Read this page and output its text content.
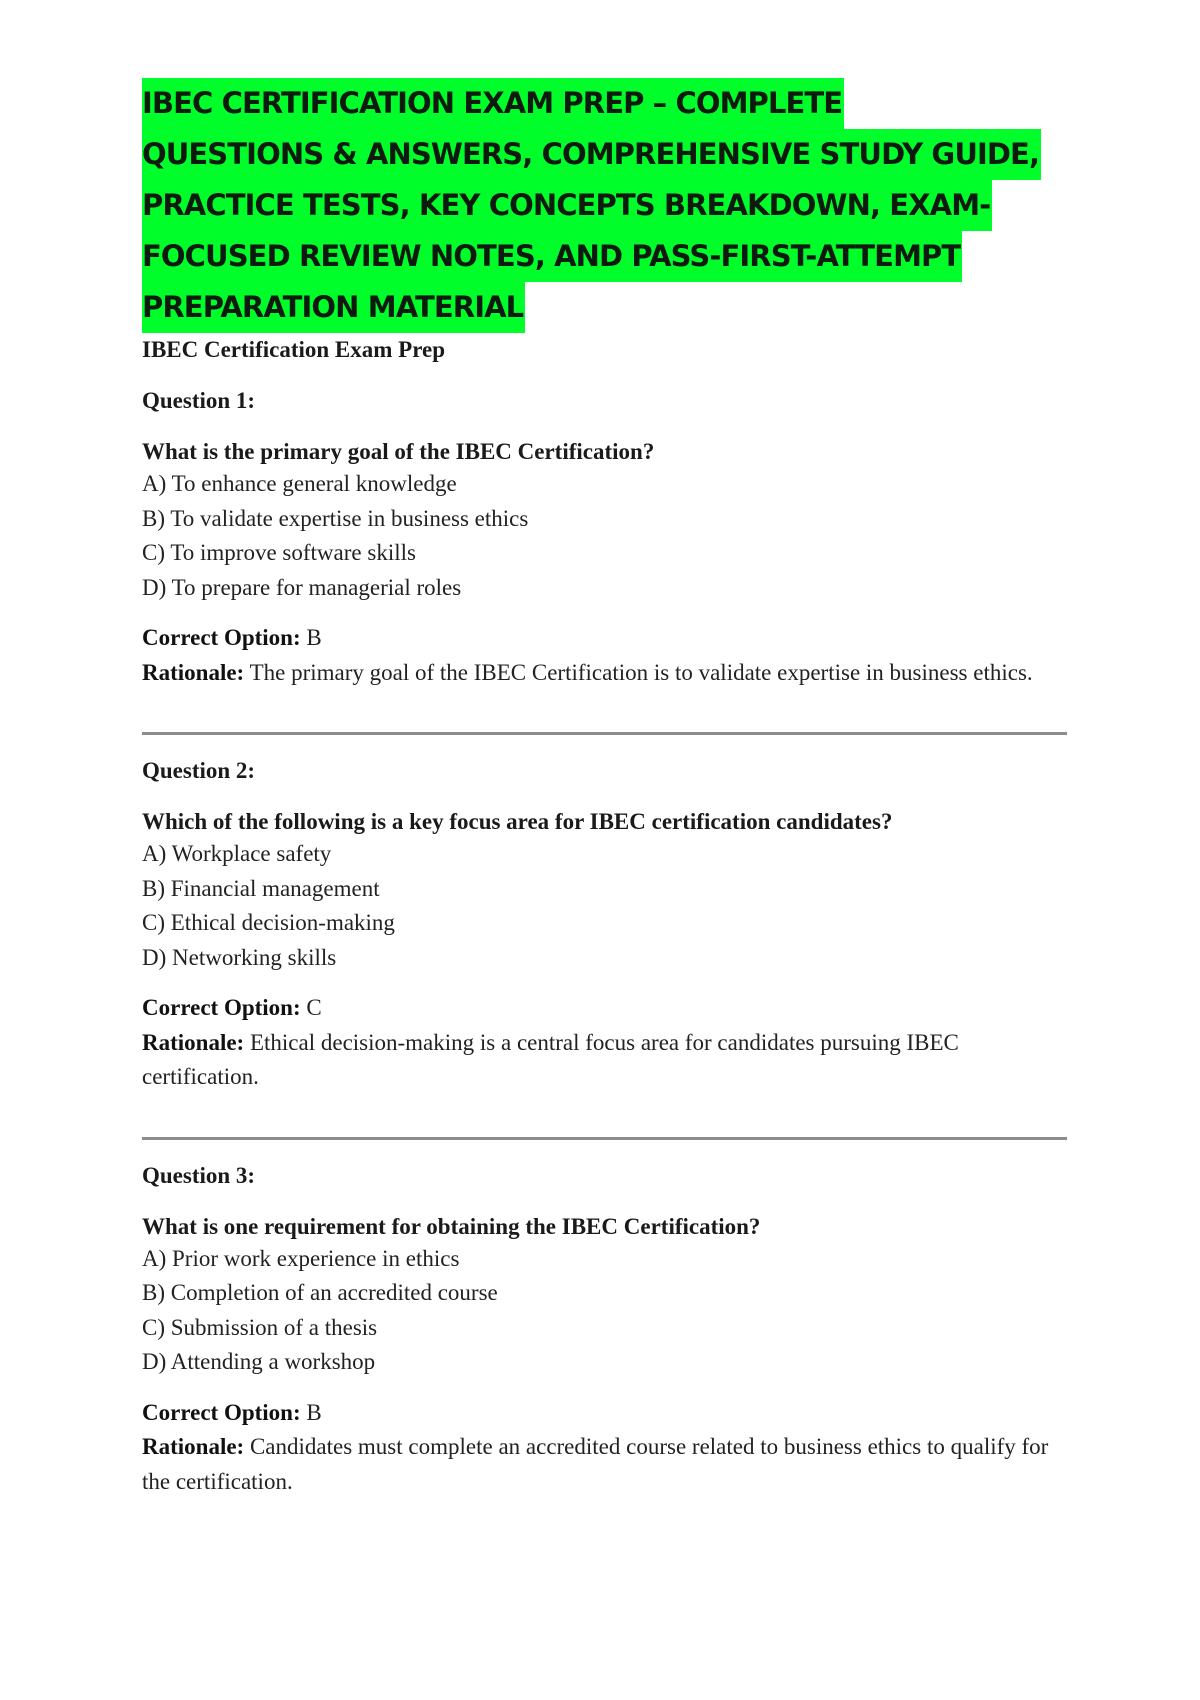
IBEC CERTIFICATION EXAM PREP – COMPLETE
QUESTIONS & ANSWERS, COMPREHENSIVE STUDY GUIDE,
PRACTICE TESTS, KEY CONCEPTS BREAKDOWN, EXAM-
FOCUSED REVIEW NOTES, AND PASS-FIRST-ATTEMPT
PREPARATION MATERIAL
IBEC Certification Exam Prep
Question 1:
What is the primary goal of the IBEC Certification?
A) To enhance general knowledge
B) To validate expertise in business ethics
C) To improve software skills
D) To prepare for managerial roles
Correct Option: B
Rationale: The primary goal of the IBEC Certification is to validate expertise in business ethics.
Question 2:
Which of the following is a key focus area for IBEC certification candidates?
A) Workplace safety
B) Financial management
C) Ethical decision-making
D) Networking skills
Correct Option: C
Rationale: Ethical decision-making is a central focus area for candidates pursuing IBEC certification.
Question 3:
What is one requirement for obtaining the IBEC Certification?
A) Prior work experience in ethics
B) Completion of an accredited course
C) Submission of a thesis
D) Attending a workshop
Correct Option: B
Rationale: Candidates must complete an accredited course related to business ethics to qualify for the certification.
